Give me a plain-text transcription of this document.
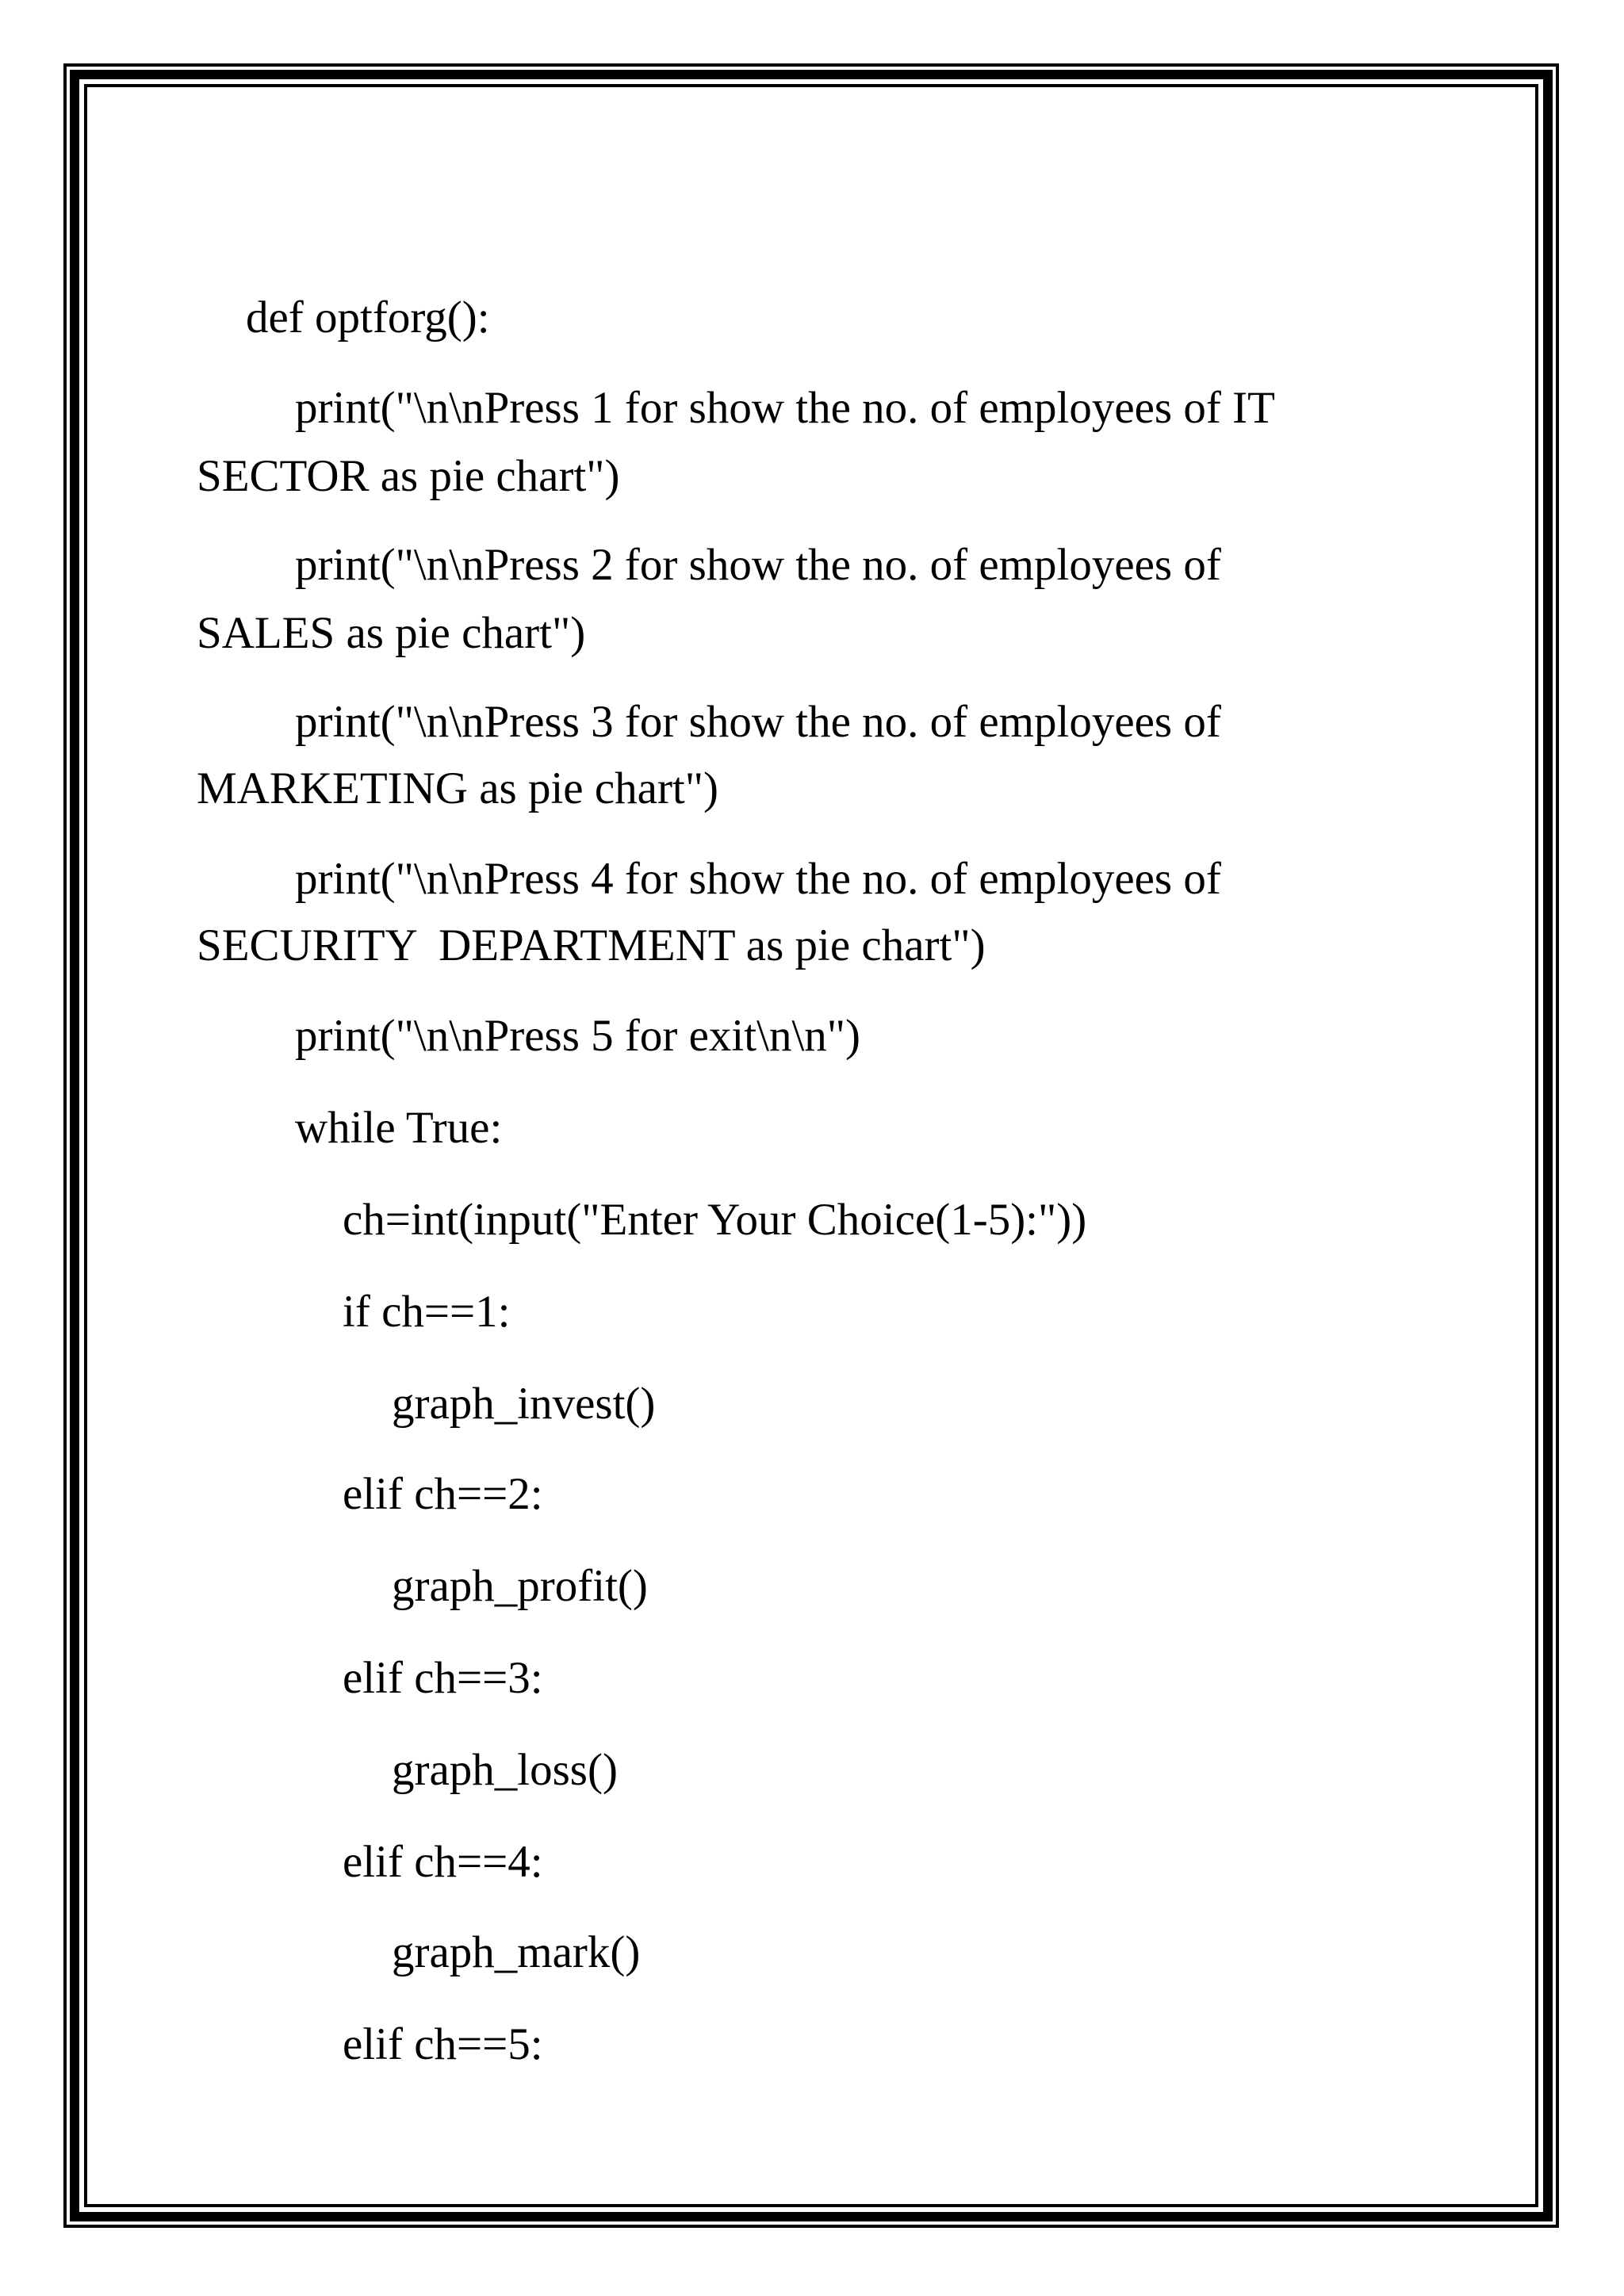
def optforg():

print("\n\nPress 1 for show the no. of employees of IT

SECTOR as pie chart")

print("\n\nPress 2 for show the no. of employees of

SALES as pie chart")

print("\n\nPress 3 for show the no. of employees of

MARKETING as pie chart")

print("\n\nPress 4 for show the no. of employees of

SECURITY  DEPARTMENT as pie chart")

print("\n\nPress 5 for exit\n\n")

while True:

ch=int(input("Enter Your Choice(1-5):"))

if ch==1:

graph_invest()

elif ch==2:

graph_profit()

elif ch==3:

graph_loss()

elif ch==4:

graph_mark()

elif ch==5:
